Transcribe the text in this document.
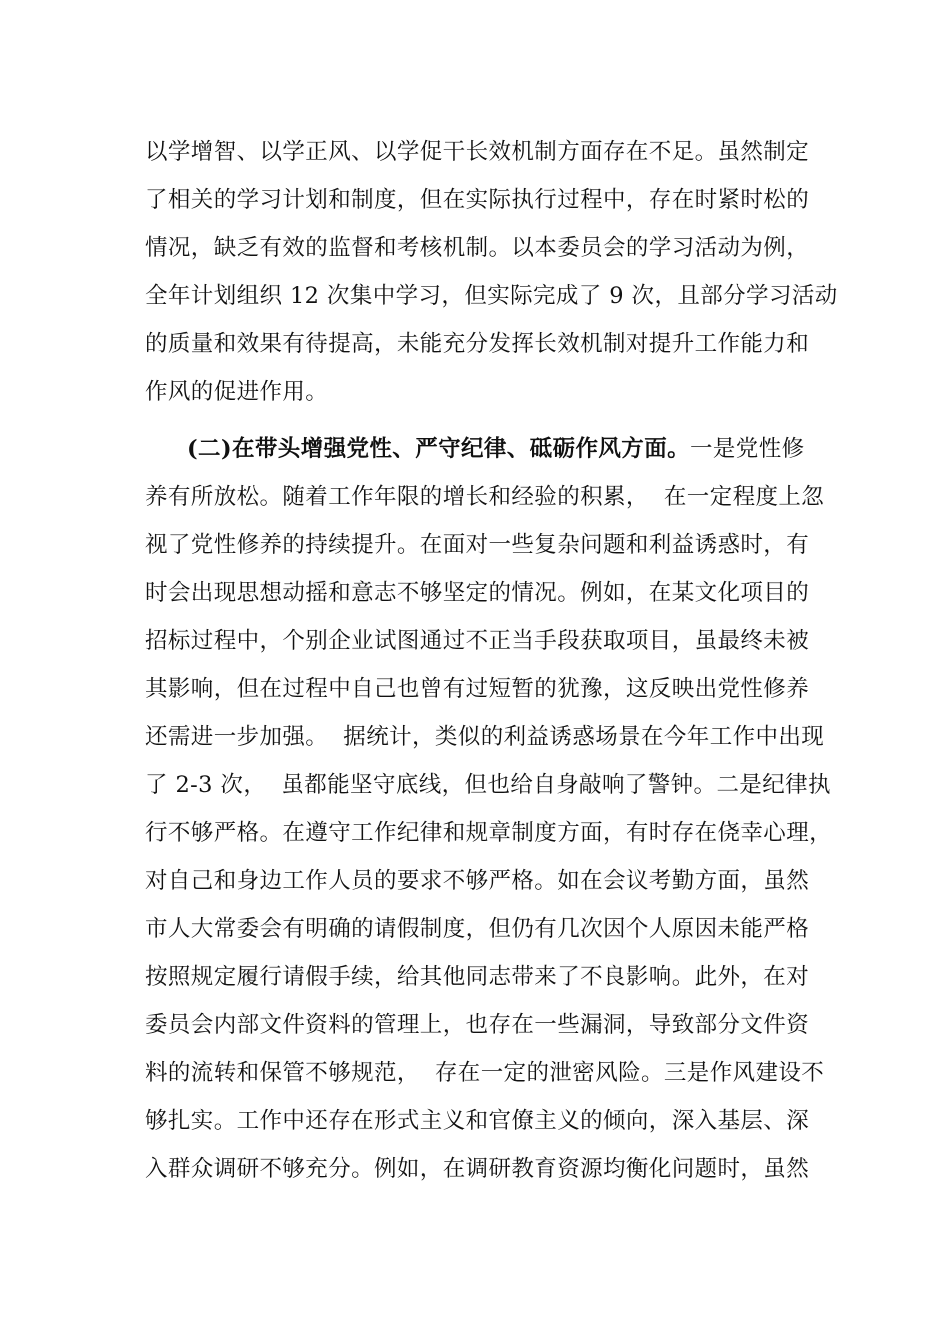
以学增智、以学正风、以学促干长效机制方面存在不足。虽然制定
了相关的学习计划和制度，但在实际执行过程中，存在时紧时松的
情况，缺乏有效的监督和考核机制。以本委员会的学习活动为例，
全年计划组织 12 次集中学习，但实际完成了 9 次，且部分学习活动
的质量和效果有待提高，未能充分发挥长效机制对提升工作能力和
作风的促进作用。
(二)在带头增强党性、严守纪律、砥砺作风方面。一是党性修
养有所放松。随着工作年限的增长和经验的积累，  在一定程度上忽
视了党性修养的持续提升。在面对一些复杂问题和利益诱惑时，有
时会出现思想动摇和意志不够坚定的情况。例如，在某文化项目的
招标过程中，个别企业试图通过不正当手段获取项目，虽最终未被
其影响，但在过程中自己也曾有过短暂的犹豫，这反映出党性修养
还需进一步加强。  据统计，类似的利益诱惑场景在今年工作中出现
了 2-3 次，  虽都能坚守底线，但也给自身敲响了警钟。二是纪律执
行不够严格。在遵守工作纪律和规章制度方面，有时存在侥幸心理，
对自己和身边工作人员的要求不够严格。如在会议考勤方面，虽然
市人大常委会有明确的请假制度，但仍有几次因个人原因未能严格
按照规定履行请假手续，给其他同志带来了不良影响。此外，在对
委员会内部文件资料的管理上，也存在一些漏洞，导致部分文件资
料的流转和保管不够规范，  存在一定的泄密风险。三是作风建设不
够扎实。工作中还存在形式主义和官僚主义的倾向，深入基层、深
入群众调研不够充分。例如，在调研教育资源均衡化问题时，虽然
